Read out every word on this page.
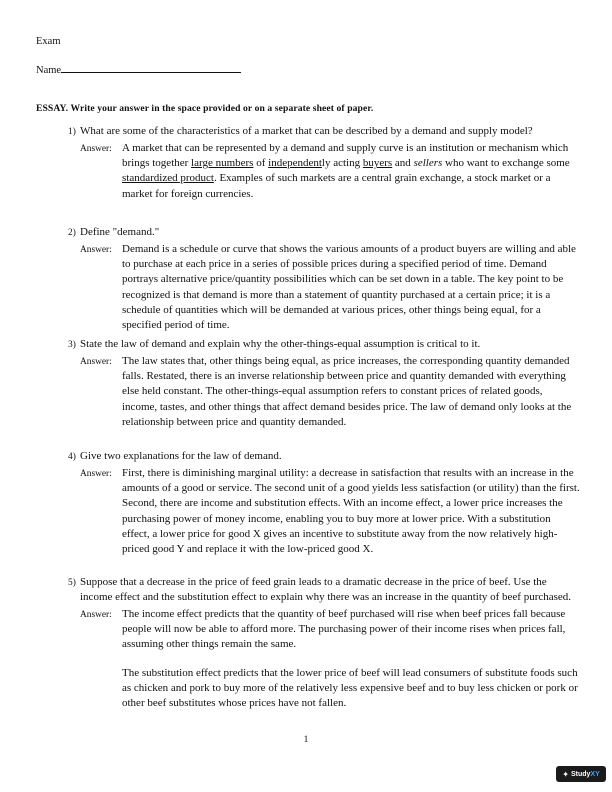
Exam
Name
ESSAY. Write your answer in the space provided or on a separate sheet of paper.
1) What are some of the characteristics of a market that can be described by a demand and supply model?
Answer: A market that can be represented by a demand and supply curve is an institution or mechanism which brings together large numbers of independently acting buyers and sellers who want to exchange some standardized product. Examples of such markets are a central grain exchange, a stock market or a market for foreign currencies.
2) Define "demand."
Answer: Demand is a schedule or curve that shows the various amounts of a product buyers are willing and able to purchase at each price in a series of possible prices during a specified period of time. Demand portrays alternative price/quantity possibilities which can be set down in a table. The key point to be recognized is that demand is more than a statement of quantity purchased at a certain price; it is a schedule of quantities which will be demanded at various prices, other things being equal, for a specified period of time.
3) State the law of demand and explain why the other-things-equal assumption is critical to it.
Answer: The law states that, other things being equal, as price increases, the corresponding quantity demanded falls. Restated, there is an inverse relationship between price and quantity demanded with everything else held constant. The other-things-equal assumption refers to constant prices of related goods, income, tastes, and other things that affect demand besides price. The law of demand only looks at the relationship between price and quantity demanded.
4) Give two explanations for the law of demand.
Answer: First, there is diminishing marginal utility: a decrease in satisfaction that results with an increase in the amounts of a good or service. The second unit of a good yields less satisfaction (or utility) than the first. Second, there are income and substitution effects. With an income effect, a lower price increases the purchasing power of money income, enabling you to buy more at lower price. With a substitution effect, a lower price for good X gives an incentive to substitute away from the now relatively high-priced good Y and replace it with the low-priced good X.
5) Suppose that a decrease in the price of feed grain leads to a dramatic decrease in the price of beef. Use the income effect and the substitution effect to explain why there was an increase in the quantity of beef purchased.
Answer: The income effect predicts that the quantity of beef purchased will rise when beef prices fall because people will now be able to afford more. The purchasing power of their income rises when prices fall, assuming other things remain the same.

The substitution effect predicts that the lower price of beef will lead consumers of substitute foods such as chicken and pork to buy more of the relatively less expensive beef and to buy less chicken or pork or other beef substitutes whose prices have not fallen.

1
✦ StudyXY
